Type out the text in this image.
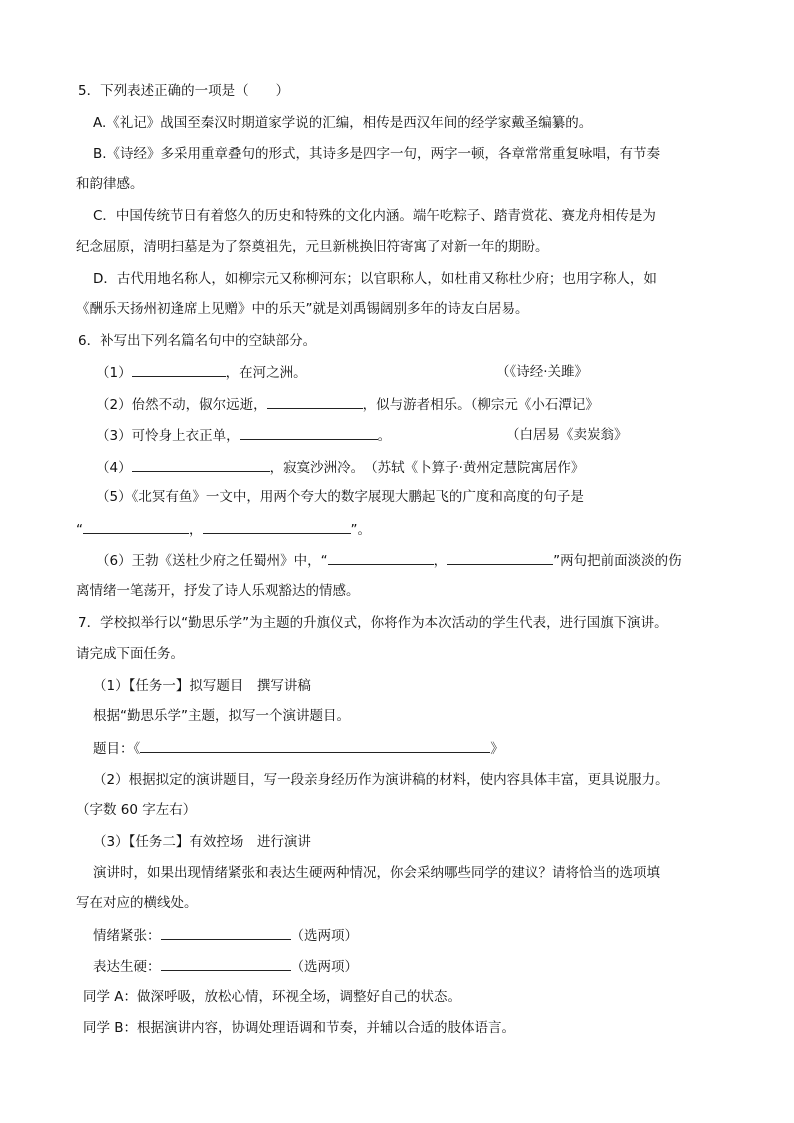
5．下列表述正确的一项是（　　）
A.《礼记》战国至秦汉时期道家学说的汇编，相传是西汉年间的经学家戴圣编纂的。
B.《诗经》多采用重章叠句的形式，其诗多是四字一句，两字一顿，各章常常重复咏唱，有节奏
和韵律感。
C．中国传统节日有着悠久的历史和特殊的文化内涵。端午吃粽子、踏青赏花、赛龙舟相传是为
纪念屈原，清明扫墓是为了祭奠祖先，元旦新桃换旧符寄寓了对新一年的期盼。
D．古代用地名称人，如柳宗元又称柳河东；以官职称人，如杜甫又称杜少府；也用字称人，如
《酬乐天扬州初逢席上见赠》中的乐天”就是刘禹锡阔别多年的诗友白居易。
6．补写出下列名篇名句中的空缺部分。
（1）	，在河之洲。	（《诗经·关雎》
（2）佁然不动，俶尔远逝，	，似与游者相乐。（柳宗元《小石潭记》
（3）可怜身上衣正单，	。	（白居易《卖炭翁》
（4）	，寂寞沙洲冷。　（苏轼《卜算子·黄州定慧院寓居作》
（5）《北冥有鱼》一文中，用两个夸大的数字展现大鹏起飞的广度和高度的句子是
“	，	”。
（6）王勃《送杜少府之任蜀州》中，“	，	”两句把前面淡淡的伤
离情绪一笔荡开，抒发了诗人乐观豁达的情感。
7．学校拟举行以“勤思乐学”为主题的升旗仪式，你将作为本次活动的学生代表，进行国旗下演讲。
请完成下面任务。
（1）【任务一】拟写题目　撰写讲稿
根据“勤思乐学”主题，拟写一个演讲题目。
题目：《	》
（2）根据拟定的演讲题目，写一段亲身经历作为演讲稿的材料，使内容具体丰富，更具说服力。
（字数 60 字左右）
（3）【任务二】有效控场　进行演讲
演讲时，如果出现情绪紧张和表达生硬两种情况，你会采纳哪些同学的建议？请将恰当的选项填
写在对应的横线处。
情绪紧张：	（选两项）
表达生硬：	（选两项）
同学 A：做深呼吸，放松心情，环视全场，调整好自己的状态。
同学 B：根据演讲内容，协调处理语调和节奏，并辅以合适的肢体语言。
